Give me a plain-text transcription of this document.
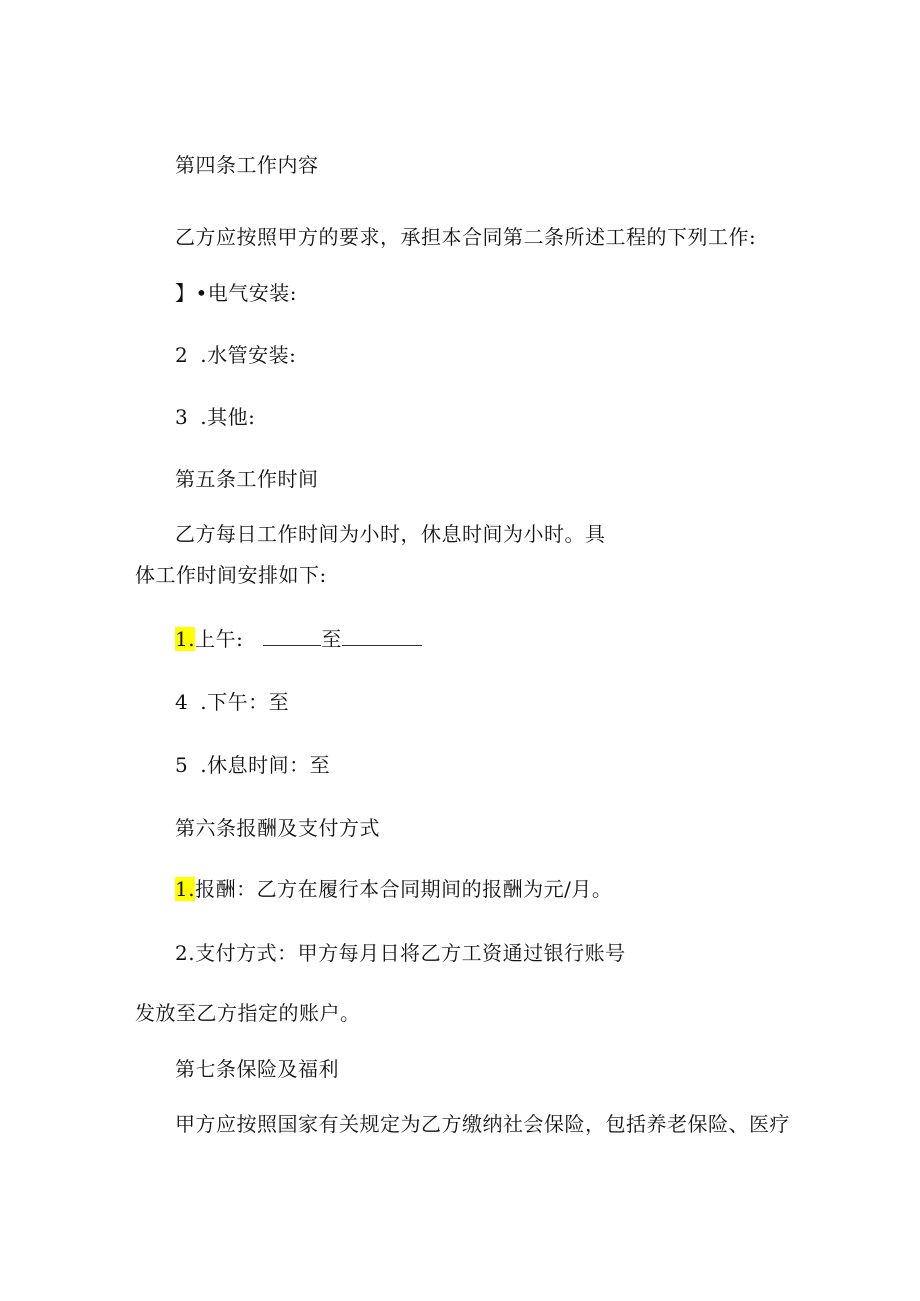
第四条工作内容
乙方应按照甲方的要求，承担本合同第二条所述工程的下列工作:
】•电气安装:
2 .水管安装:
3 .其他:
第五条工作时间
乙方每日工作时间为小时，休息时间为小时。具
体工作时间安排如下:
1.上午:	至
4 .下午：至
5 .休息时间：至
第六条报酬及支付方式
1.报酬：乙方在履行本合同期间的报酬为元/月。
2.支付方式：甲方每月日将乙方工资通过银行账号
发放至乙方指定的账户。
第七条保险及福利
甲方应按照国家有关规定为乙方缴纳社会保险，包括养老保险、医疗
